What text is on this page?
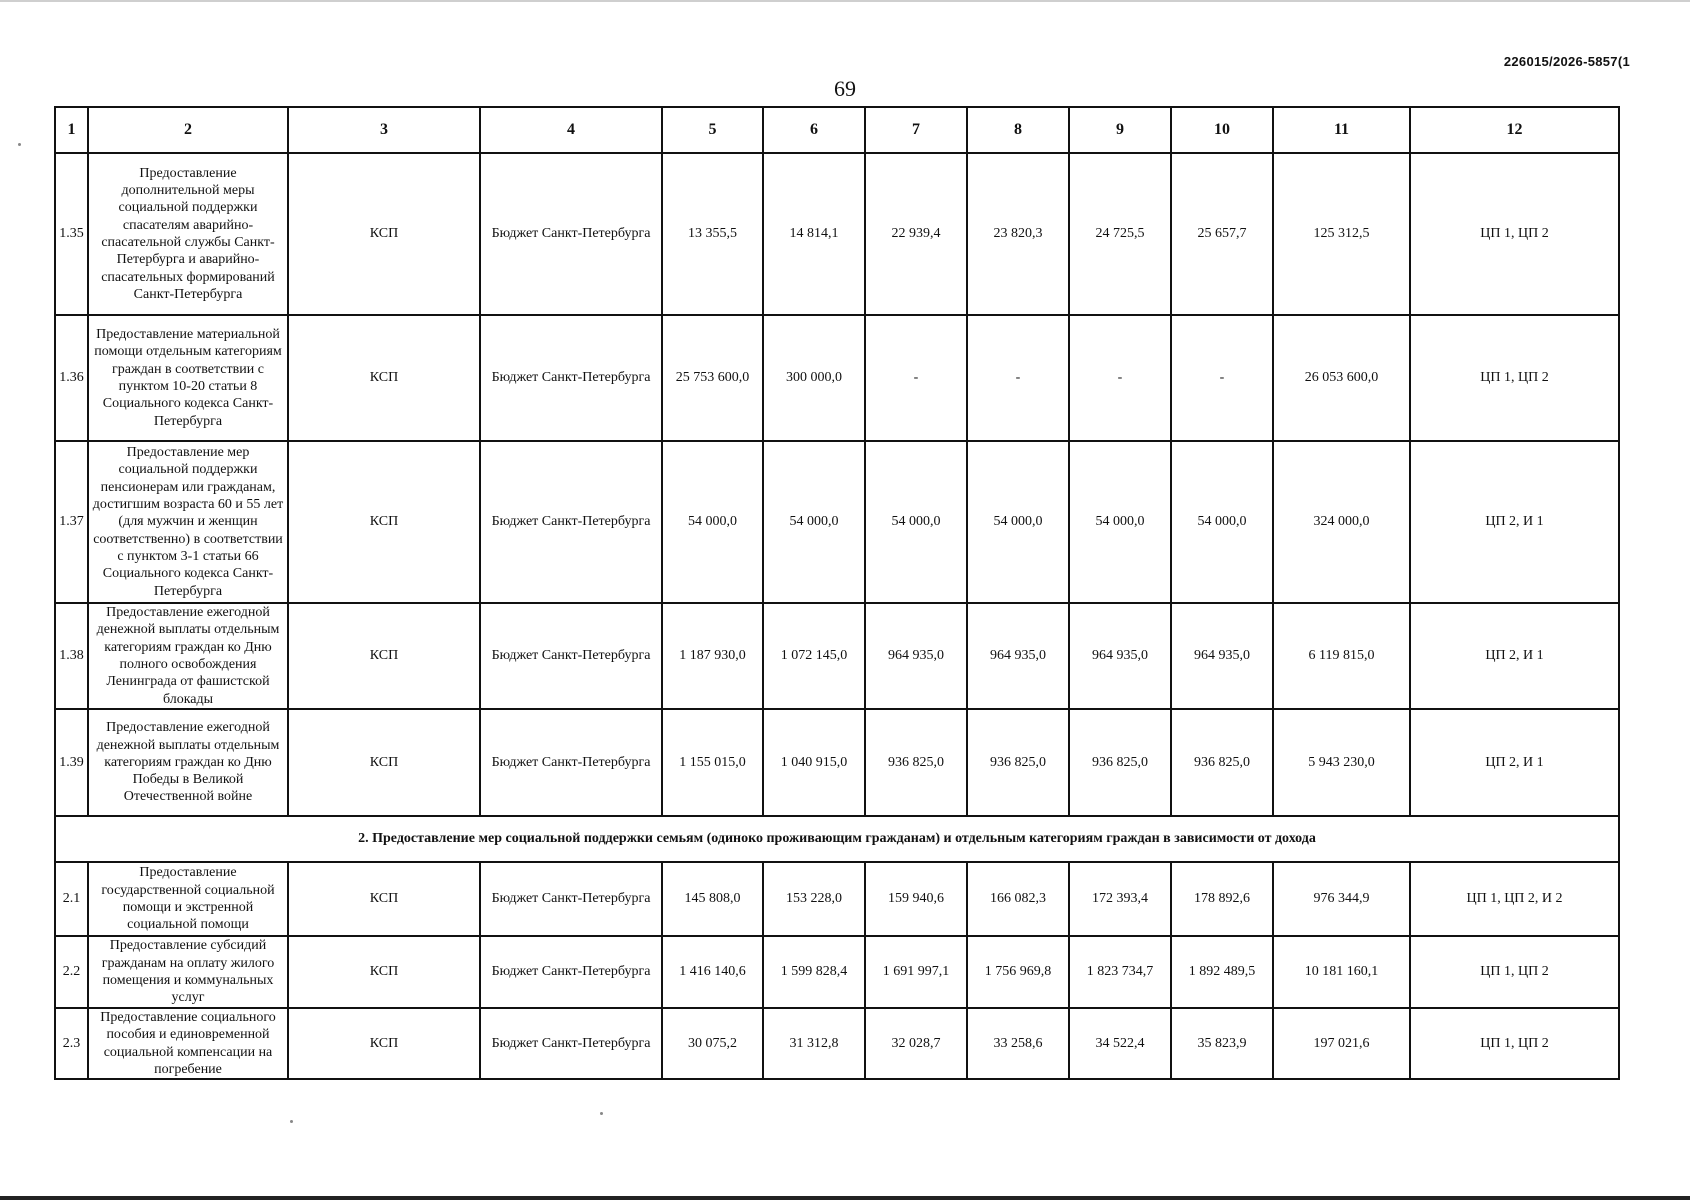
226015/2026-5857(1
69
1	2	3	4	5	6	7	8	9	10	11	12
1.35	Предоставление дополнительной меры социальной поддержки спасателям аварийно-спасательной службы Санкт-Петербурга и аварийно-спасательных формирований Санкт-Петербурга	КСП	Бюджет Санкт-Петербурга	13 355,5	14 814,1	22 939,4	23 820,3	24 725,5	25 657,7	125 312,5	ЦП 1, ЦП 2
1.36	Предоставление материальной помощи отдельным категориям граждан в соответствии с пунктом 10-20 статьи 8 Социального кодекса Санкт-Петербурга	КСП	Бюджет Санкт-Петербурга	25 753 600,0	300 000,0	-	-	-	-	26 053 600,0	ЦП 1, ЦП 2
1.37	Предоставление мер социальной поддержки пенсионерам или гражданам, достигшим возраста 60 и 55 лет (для мужчин и женщин соответственно) в соответствии с пунктом 3-1 статьи 66 Социального кодекса Санкт-Петербурга	КСП	Бюджет Санкт-Петербурга	54 000,0	54 000,0	54 000,0	54 000,0	54 000,0	54 000,0	324 000,0	ЦП 2, И 1
1.38	Предоставление ежегодной денежной выплаты отдельным категориям граждан ко Дню полного освобождения Ленинграда от фашистской блокады	КСП	Бюджет Санкт-Петербурга	1 187 930,0	1 072 145,0	964 935,0	964 935,0	964 935,0	964 935,0	6 119 815,0	ЦП 2, И 1
1.39	Предоставление ежегодной денежной выплаты отдельным категориям граждан ко Дню Победы в Великой Отечественной войне	КСП	Бюджет Санкт-Петербурга	1 155 015,0	1 040 915,0	936 825,0	936 825,0	936 825,0	936 825,0	5 943 230,0	ЦП 2, И 1
2. Предоставление мер социальной поддержки семьям (одиноко проживающим гражданам) и отдельным категориям граждан в зависимости от дохода											
2.1	Предоставление государственной социальной помощи и экстренной социальной помощи	КСП	Бюджет Санкт-Петербурга	145 808,0	153 228,0	159 940,6	166 082,3	172 393,4	178 892,6	976 344,9	ЦП 1, ЦП 2, И 2
2.2	Предоставление субсидий гражданам на оплату жилого помещения и коммунальных услуг	КСП	Бюджет Санкт-Петербурга	1 416 140,6	1 599 828,4	1 691 997,1	1 756 969,8	1 823 734,7	1 892 489,5	10 181 160,1	ЦП 1, ЦП 2
2.3	Предоставление социального пособия и единовременной социальной компенсации на погребение	КСП	Бюджет Санкт-Петербурга	30 075,2	31 312,8	32 028,7	33 258,6	34 522,4	35 823,9	197 021,6	ЦП 1, ЦП 2
